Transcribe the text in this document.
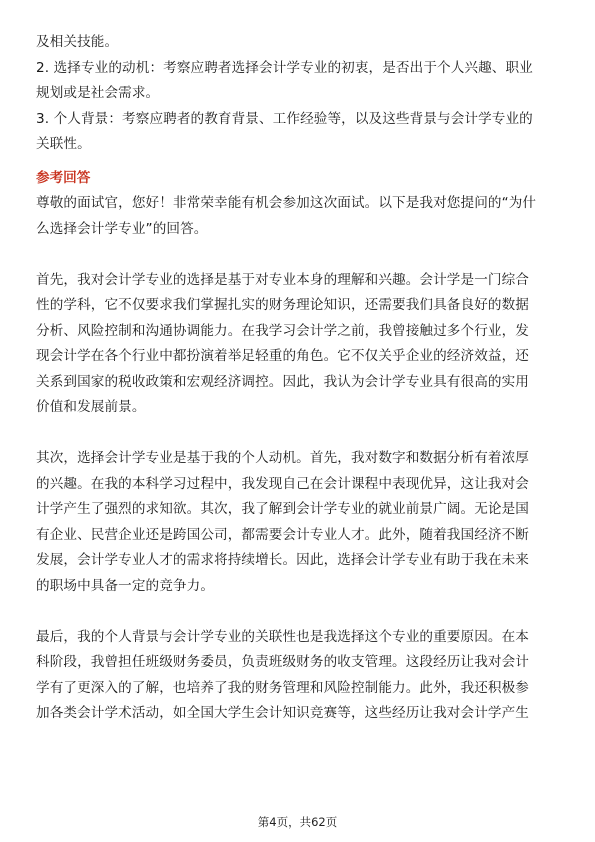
及相关技能。
2. 选择专业的动机：考察应聘者选择会计学专业的初衷，是否出于个人兴趣、职业
规划或是社会需求。
3. 个人背景：考察应聘者的教育背景、工作经验等，以及这些背景与会计学专业的
关联性。
参考回答
尊敬的面试官，您好！非常荣幸能有机会参加这次面试。以下是我对您提问的“为什
么选择会计学专业”的回答。
首先，我对会计学专业的选择是基于对专业本身的理解和兴趣。会计学是一门综合
性的学科，它不仅要求我们掌握扎实的财务理论知识，还需要我们具备良好的数据
分析、风险控制和沟通协调能力。在我学习会计学之前，我曾接触过多个行业，发
现会计学在各个行业中都扮演着举足轻重的角色。它不仅关乎企业的经济效益，还
关系到国家的税收政策和宏观经济调控。因此，我认为会计学专业具有很高的实用
价值和发展前景。
其次，选择会计学专业是基于我的个人动机。首先，我对数字和数据分析有着浓厚
的兴趣。在我的本科学习过程中，我发现自己在会计课程中表现优异，这让我对会
计学产生了强烈的求知欲。其次，我了解到会计学专业的就业前景广阔。无论是国
有企业、民营企业还是跨国公司，都需要会计专业人才。此外，随着我国经济不断
发展，会计学专业人才的需求将持续增长。因此，选择会计学专业有助于我在未来
的职场中具备一定的竞争力。
最后，我的个人背景与会计学专业的关联性也是我选择这个专业的重要原因。在本
科阶段，我曾担任班级财务委员，负责班级财务的收支管理。这段经历让我对会计
学有了更深入的了解，也培养了我的财务管理和风险控制能力。此外，我还积极参
加各类会计学术活动，如全国大学生会计知识竞赛等，这些经历让我对会计学产生
第4页，共62页
